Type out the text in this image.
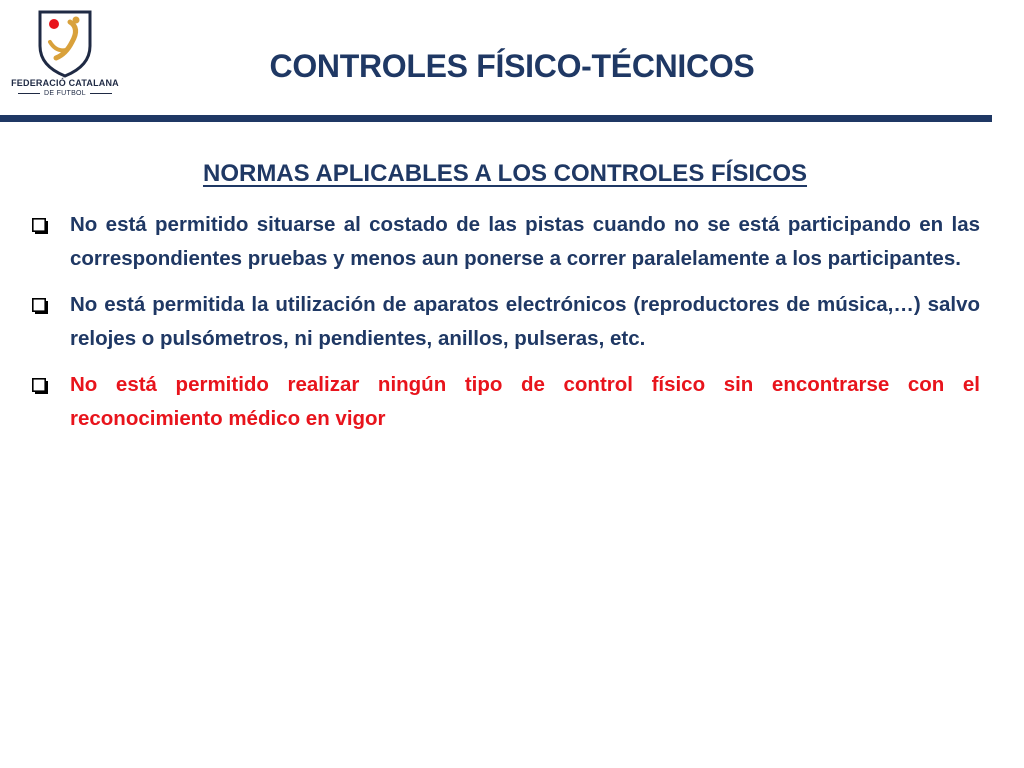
FEDERACIÓ CATALANA
DE FUTBOL
CONTROLES FÍSICO-TÉCNICOS
NORMAS APLICABLES A LOS CONTROLES FÍSICOS
No está permitido situarse al costado de las pistas cuando no se está participando en las correspondientes pruebas y menos aun ponerse a correr paralelamente a los participantes.
No está permitida la utilización de aparatos electrónicos (reproductores de música,…) salvo relojes o pulsómetros, ni pendientes, anillos, pulseras, etc.
No está permitido realizar ningún tipo de control físico sin encontrarse con el reconocimiento médico en vigor
